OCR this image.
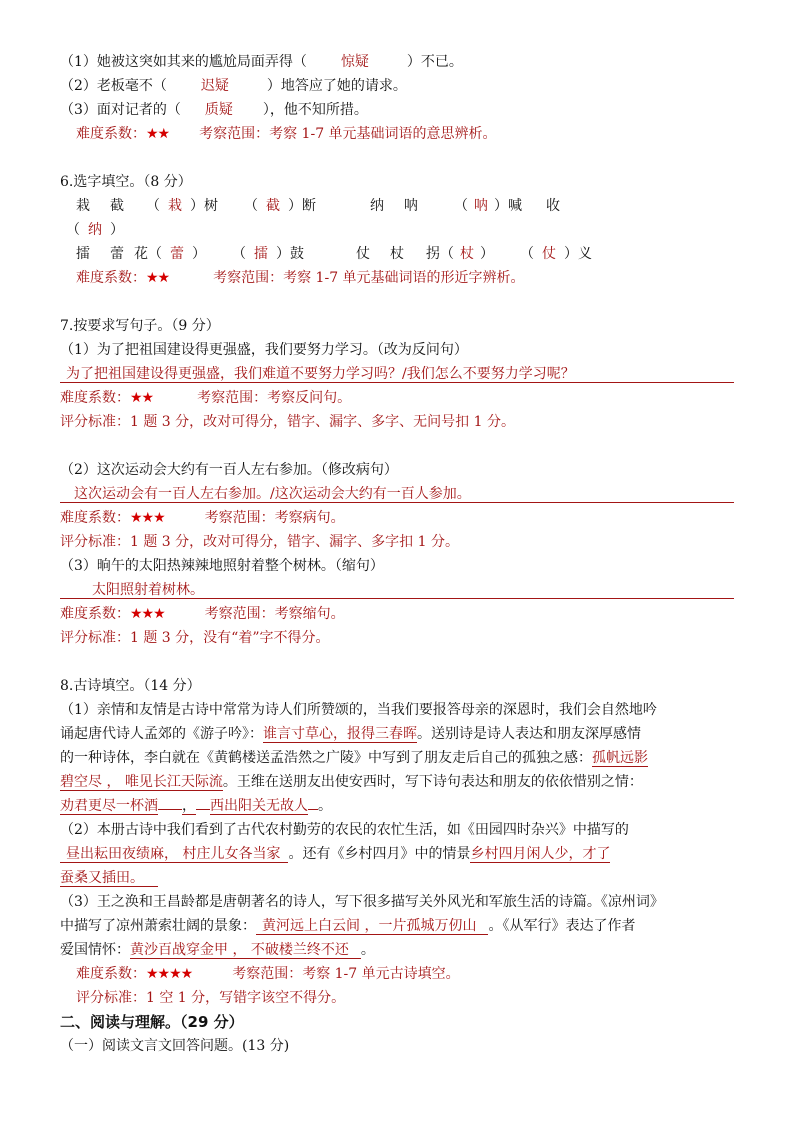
（1）她被这突如其来的尴尬局面弄得（ 惊疑	）不已。
（2）老板毫不（ 迟疑	）地答应了她的请求。
（3）面对记者的（ 质疑 ），他不知所措。
难度系数：★★ 考察范围：考察 1-7 单元基础词语的意思辨析。
6.选字填空。（8 分）
栽 截 （ 栽 ）树 （ 截 ）断	纳 呐	（ 呐 ）喊 收
（ 纳 ）
擂 蕾 花（ 蕾 ） （ 擂 ）鼓	仗 杖 拐（ 杖 ） （ 仗 ）义
难度系数：★★	考察范围：考察 1-7 单元基础词语的形近字辨析。
7.按要求写句子。（9 分）
（1）为了把祖国建设得更强盛，我们要努力学习。（改为反问句）
为了把祖国建设得更强盛，我们难道不要努力学习吗？/我们怎么不要努力学习呢？
难度系数：★★	考察范围：考察反问句。
评分标准：1 题 3 分，改对可得分，错字、漏字、多字、无问号扣 1 分。
（2）这次运动会大约有一百人左右参加。（修改病句）
这次运动会有一百人左右参加。/这次运动会大约有一百人参加。
难度系数：★★★	考察范围：考察病句。
评分标准：1 题 3 分，改对可得分，错字、漏字、多字扣 1 分。
（3）晌午的太阳热辣辣地照射着整个树林。（缩句）
太阳照射着树林。
难度系数：★★★	考察范围：考察缩句。
评分标准：1 题 3 分，没有“着”字不得分。
8.古诗填空。（14 分）
（1）亲情和友情是古诗中常常为诗人们所赞颂的，当我们要报答母亲的深恩时，我们会自然地吟
诵起唐代诗人孟郊的《游子吟》：谁言寸草心，报得三春晖。送别诗是诗人表达和朋友深厚感情
的一种诗体，李白就在《黄鹤楼送孟浩然之广陵》中写到了朋友走后自己的孤独之感：孤帆远影
碧空尽 ， 唯见长江天际流。王维在送朋友出使安西时，写下诗句表达和朋友的依依惜别之情：
劝君更尽一杯酒 ， 西出阳关无故人 。
（2）本册古诗中我们看到了古代农村勤劳的农民的农忙生活，如《田园四时杂兴》中描写的
昼出耘田夜绩麻， 村庄儿女各当家 。还有《乡村四月》中的情景乡村四月闲人少，才了
蚕桑又插田。
（3）王之涣和王昌龄都是唐朝著名的诗人，写下很多描写关外风光和军旅生活的诗篇。《凉州词》
中描写了凉州萧索壮阔的景象： 黄河远上白云间 ，一片孤城万仞山 。《从军行》表达了作者
爱国情怀：黄沙百战穿金甲 ， 不破楼兰终不还 。
难度系数：★★★★	考察范围：考察 1-7 单元古诗填空。
评分标准：1 空 1 分，写错字该空不得分。
二、阅读与理解。（29 分）
（一）阅读文言文回答问题。(13 分)
